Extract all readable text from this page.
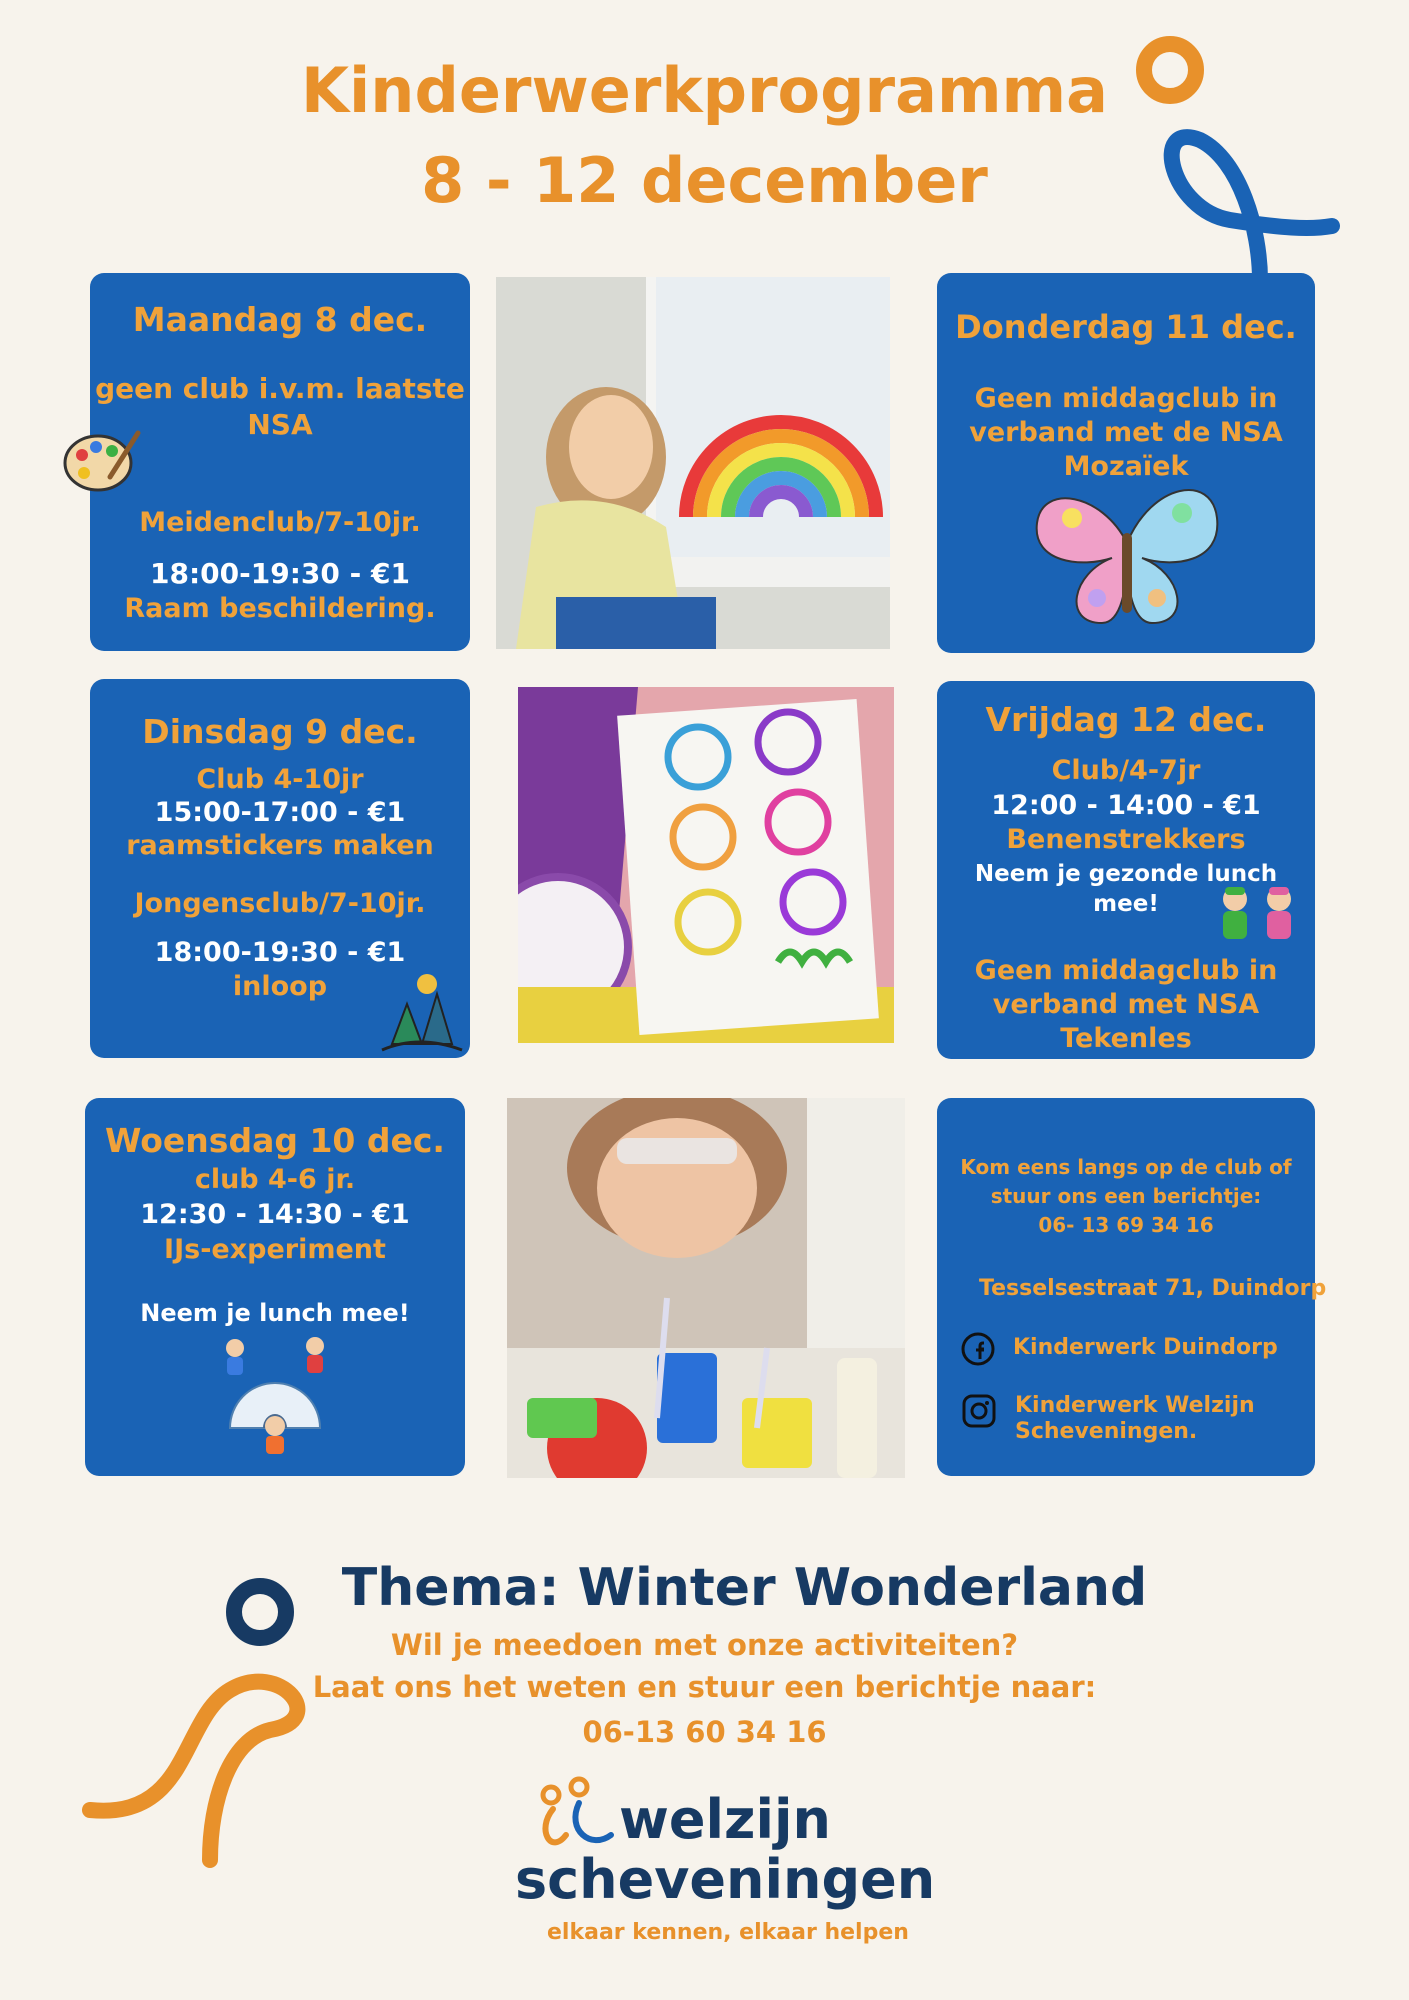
Kinderwerkprogramma
8 - 12 december
Maandag 8 dec.
geen club i.v.m. laatste
NSA
Meidenclub/7-10jr.
18:00-19:30 - €1
Raam beschildering.
Donderdag 11 dec.
Geen middagclub in
verband met de NSA
Mozaïek
Dinsdag 9 dec.
Club 4-10jr
15:00-17:00 - €1
raamstickers maken
Jongensclub/7-10jr.
18:00-19:30 - €1
inloop
Vrijdag 12 dec.
Club/4-7jr
12:00 - 14:00 - €1
Benenstrekkers
Neem je gezonde lunch
mee!
Geen middagclub in
verband met NSA
Tekenles
Woensdag 10 dec.
club 4-6 jr.
12:30 - 14:30 - €1
IJs-experiment
Neem je lunch mee!
Kom eens langs op de club of
stuur ons een berichtje:
06- 13 69 34 16
Tesselsestraat 71, Duindorp
Kinderwerk Duindorp
Kinderwerk Welzijn
Scheveningen.
Thema: Winter Wonderland
Wil je meedoen met onze activiteiten?
Laat ons het weten en stuur een berichtje naar:
06-13 60 34 16
welzijn
scheveningen
elkaar kennen, elkaar helpen
